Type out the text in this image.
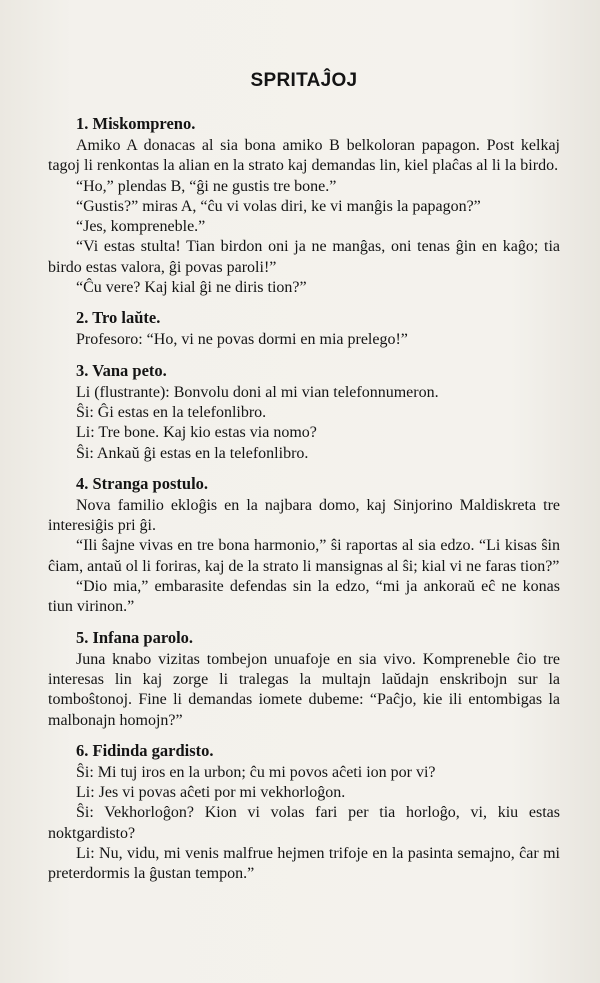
SPRITAĴOJ
1. Miskompreno.

Amiko A donacas al sia bona amiko B belkoloran papagon. Post kelkaj tagoj li renkontas la alian en la strato kaj demandas lin, kiel plaĉas al li la birdo.

“Ho,” plendas B, “ĝi ne gustis tre bone.”

“Gustis?” miras A, “ĉu vi volas diri, ke vi manĝis la papagon?”

“Jes, kompreneble.”

“Vi estas stulta! Tian birdon oni ja ne manĝas, oni tenas ĝin en kaĝo; tia birdo estas valora, ĝi povas paroli!”

“Ĉu vere? Kaj kial ĝi ne diris tion?”

2. Tro laŭte.

Profesoro: “Ho, vi ne povas dormi en mia prelego!”

3. Vana peto.

Li (flustrante): Bonvolu doni al mi vian telefonnumeron.

Ŝi: Ĝi estas en la telefonlibro.

Li: Tre bone. Kaj kio estas via nomo?

Ŝi: Ankaŭ ĝi estas en la telefonlibro.

4. Stranga postulo.

Nova familio ekloĝis en la najbara domo, kaj Sinjorino Maldiskreta tre interesiĝis pri ĝi.

“Ili ŝajne vivas en tre bona harmonio,” ŝi raportas al sia edzo. “Li kisas ŝin ĉiam, antaŭ ol li foriras, kaj de la strato li mansignas al ŝi; kial vi ne faras tion?”

“Dio mia,” embarasite defendas sin la edzo, “mi ja ankoraŭ eĉ ne konas tiun virinon.”

5. Infana parolo.

Juna knabo vizitas tombejon unuafoje en sia vivo. Kompreneble ĉio tre interesas lin kaj zorge li tralegas la multajn laŭdajn enskribojn sur la tomboŝtonoj. Fine li demandas iomete dubeme: “Paĉjo, kie ili entombigas la malbonajn homojn?”

6. Fidinda gardisto.

Ŝi: Mi tuj iros en la urbon; ĉu mi povos aĉeti ion por vi?

Li: Jes vi povas aĉeti por mi vekhorloĝon.

Ŝi: Vekhorloĝon? Kion vi volas fari per tia horloĝo, vi, kiu estas noktgardisto?

Li: Nu, vidu, mi venis malfrue hejmen trifoje en la pasinta semajno, ĉar mi preterdormis la ĝustan tempon.”
